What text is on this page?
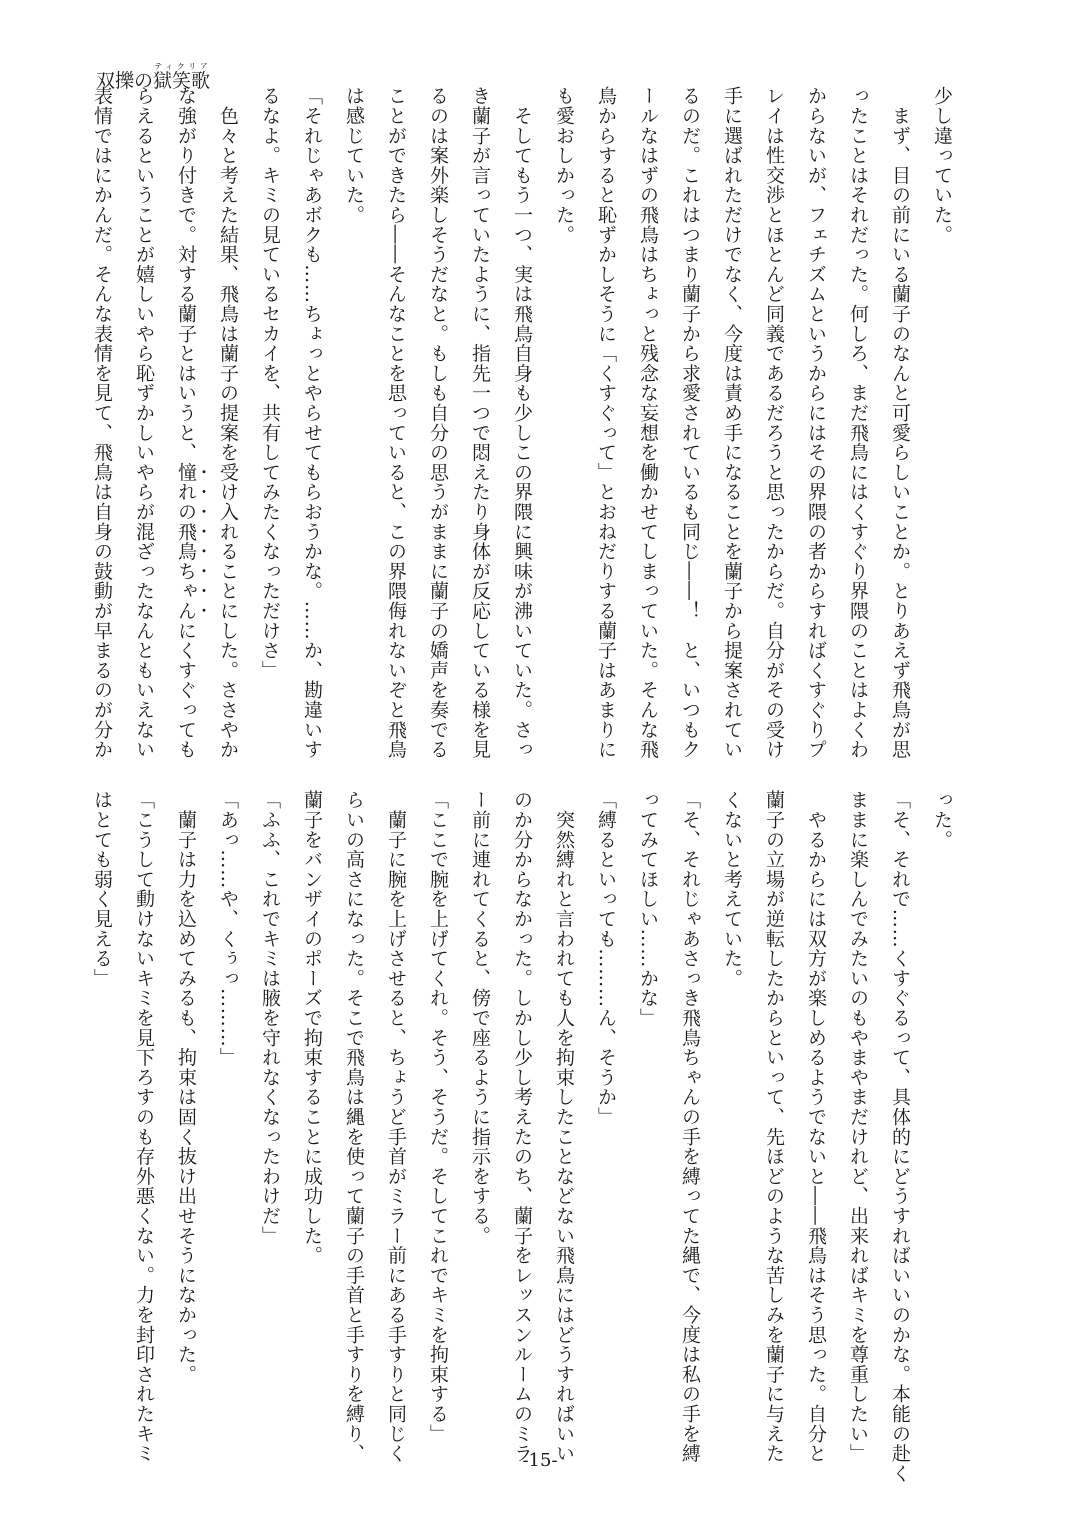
双擽の獄笑歌ティクリア
少し違っていた。
　まず、目の前にいる蘭子のなんと可愛らしいことか。とりあえず飛鳥が思
ったことはそれだった。何しろ、まだ飛鳥にはくすぐり界隈のことはよくわ
からないが、フェチズムというからにはその界隈の者からすればくすぐりプ
レイは性交渉とほとんど同義であるだろうと思ったからだ。自分がその受け
手に選ばれただけでなく、今度は責め手になることを蘭子から提案されてい
るのだ。これはつまり蘭子から求愛されているも同じ――！　と、いつもク
ールなはずの飛鳥はちょっと残念な妄想を働かせてしまっていた。そんな飛
鳥からすると恥ずかしそうに「くすぐって」とおねだりする蘭子はあまりに
も愛おしかった。
　そしてもう一つ、実は飛鳥自身も少しこの界隈に興味が沸いていた。さっ
き蘭子が言っていたように、指先一つで悶えたり身体が反応している様を見
るのは案外楽しそうだなと。もしも自分の思うがままに蘭子の嬌声を奏でる
ことができたら――そんなことを思っていると、この界隈侮れないぞと飛鳥
は感じていた。
「それじゃあボクも……ちょっとやらせてもらおうかな。……か、勘違いす
るなよ。キミの見ているセカイを、共有してみたくなっただけさ」
　色々と考えた結果、飛鳥は蘭子の提案を受け入れることにした。ささやか
な強がり付きで。対する蘭子とはいうと、憧れの飛鳥ちゃんにくすぐっても
らえるということが嬉しいやら恥ずかしいやらが混ざったなんともいえない
表情ではにかんだ。そんな表情を見て、飛鳥は自身の鼓動が早まるのが分か
った。
「そ、それで……くすぐるって、具体的にどうすればいいのかな。本能の赴く
ままに楽しんでみたいのもやまやまだけれど、出来ればキミを尊重したい」
　やるからには双方が楽しめるようでないと――飛鳥はそう思った。自分と
蘭子の立場が逆転したからといって、先ほどのような苦しみを蘭子に与えた
くないと考えていた。
「そ、それじゃあさっき飛鳥ちゃんの手を縛ってた縄で、今度は私の手を縛
ってみてほしい……かな」
「縛るといっても………ん、そうか」
　突然縛れと言われても人を拘束したことなどない飛鳥にはどうすればいい
のか分からなかった。しかし少し考えたのち、蘭子をレッスンルームのミラ
ー前に連れてくると、傍で座るように指示をする。
「ここで腕を上げてくれ。そう、そうだ。そしてこれでキミを拘束する」
　蘭子に腕を上げさせると、ちょうど手首がミラー前にある手すりと同じく
らいの高さになった。そこで飛鳥は縄を使って蘭子の手首と手すりを縛り、
蘭子をバンザイのポーズで拘束することに成功した。
「ふふ、これでキミは腋を守れなくなったわけだ」
「あっ……や、くぅっ………」
　蘭子は力を込めてみるも、拘束は固く抜け出せそうになかった。
「こうして動けないキミを見下ろすのも存外悪くない。力を封印されたキミ
はとても弱く見える」
-15-
